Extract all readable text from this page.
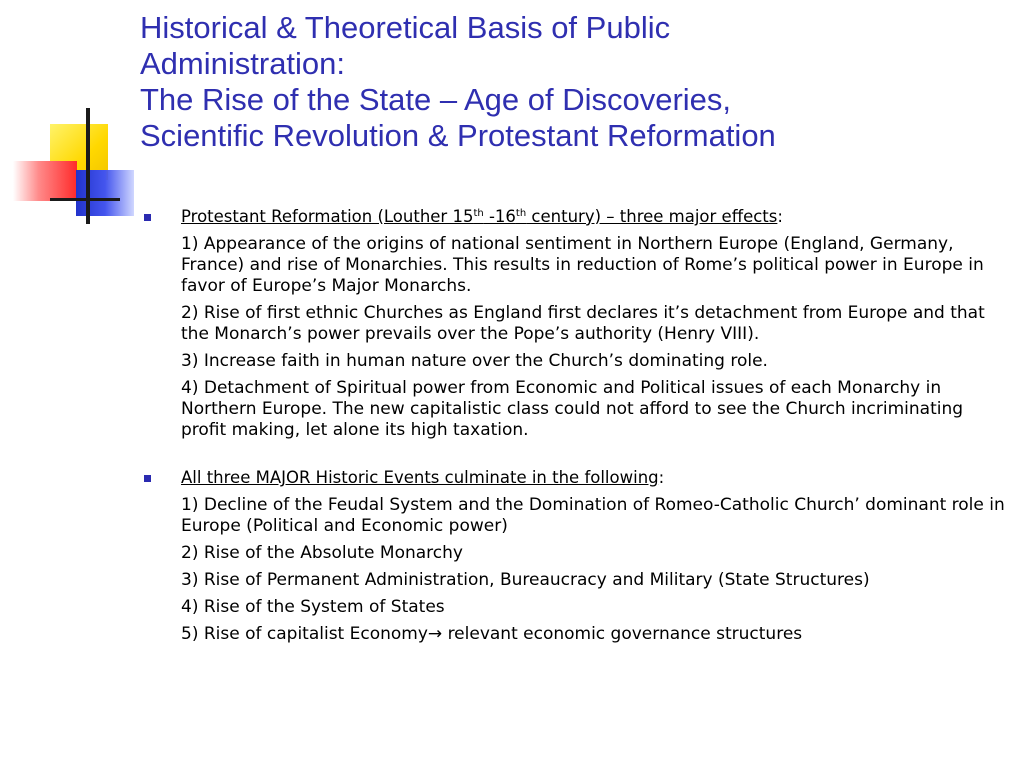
Historical & Theoretical Basis of Public
Administration:
The Rise of the State – Age of Discoveries,
Scientific Revolution & Protestant Reformation
Protestant Reformation (Louther 15th -16th century) – three major effects:
1) Appearance of the origins of national sentiment in Northern Europe (England, Germany, France) and rise of Monarchies. This results in reduction of Rome’s political power in Europe in favor of Europe’s Major Monarchs.
2) Rise of first ethnic Churches as England first declares it’s detachment from Europe and that the Monarch’s power prevails over the Pope’s authority (Henry VIII).
3) Increase faith in human nature over the Church’s dominating role.
4) Detachment of Spiritual power from Economic and Political issues of each Monarchy in Northern Europe. The new capitalistic class could not afford to see the Church incriminating profit making, let alone its high taxation.
All three MAJOR Historic Events culminate in the following:
1) Decline of the Feudal System and the Domination of Romeo-Catholic Church’ dominant role in Europe (Political and Economic power)
2) Rise of the Absolute Monarchy
3) Rise of Permanent Administration, Bureaucracy and Military (State Structures)
4) Rise of the System of States
5) Rise of capitalist Economy→ relevant economic governance structures
